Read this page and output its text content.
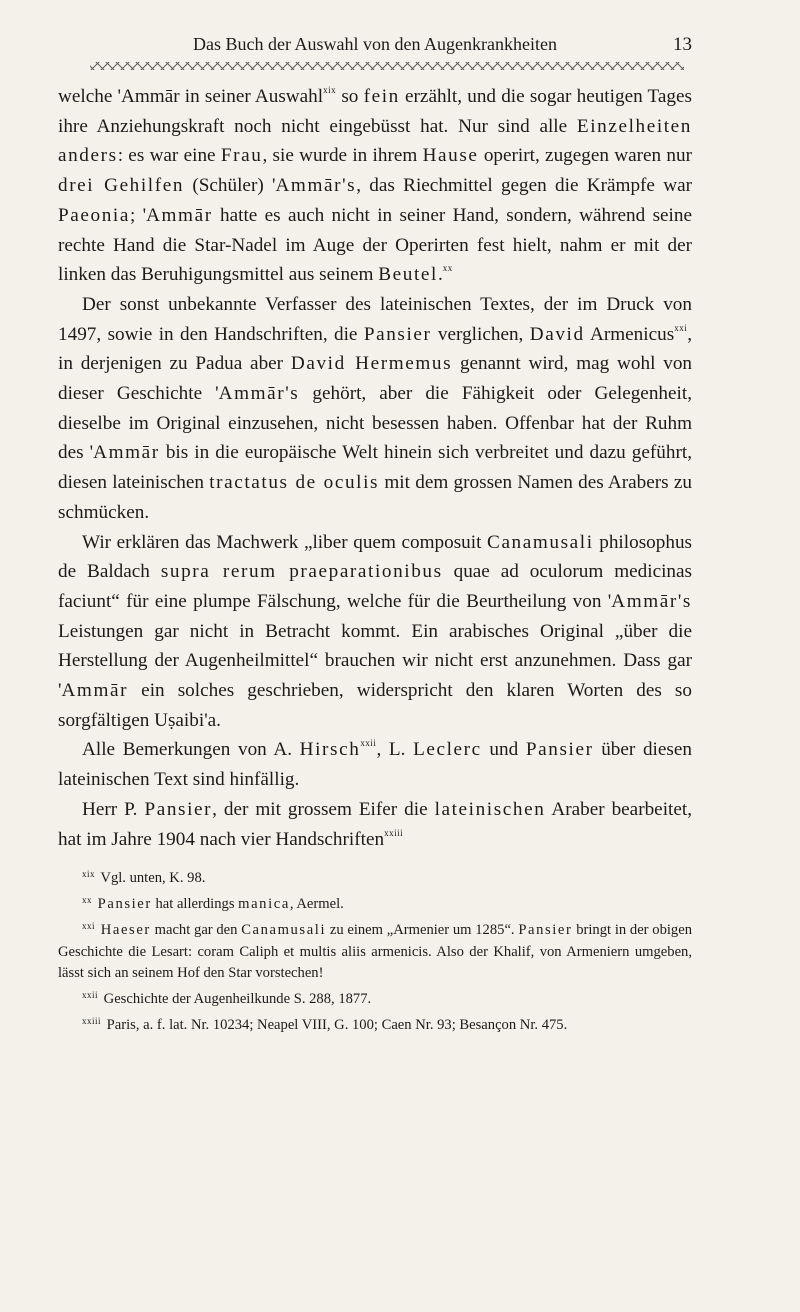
Das Buch der Auswahl von den Augenkrankheiten	13

welche 'Ammār in seiner Auswahl$^{xix}$ so fein erzählt, und die sogar heutigen Tages ihre Anziehungskraft noch nicht eingebüsst hat. Nur sind alle Einzelheiten anders: es war eine Frau, sie wurde in ihrem Hause operirt, zugegen waren nur drei Gehilfen (Schüler) 'Ammār's, das Riechmittel gegen die Krämpfe war Paeonia; 'Ammār hatte es auch nicht in seiner Hand, sondern, während seine rechte Hand die Star-Nadel im Auge der Operirten fest hielt, nahm er mit der linken das Beruhigungsmittel aus seinem Beutel.$^{xx}$

Der sonst unbekannte Verfasser des lateinischen Textes, der im Druck von 1497, sowie in den Handschriften, die Pansier verglichen, David Armenicus$^{xxi}$, in derjenigen zu Padua aber David Hermemus genannt wird, mag wohl von dieser Geschichte 'Ammār's gehört, aber die Fähigkeit oder Gelegenheit, dieselbe im Original einzusehen, nicht besessen haben. Offenbar hat der Ruhm des 'Ammār bis in die europäische Welt hinein sich verbreitet und dazu geführt, diesen lateinischen tractatus de oculis mit dem grossen Namen des Arabers zu schmücken.

Wir erklären das Machwerk „liber quem composuit Canamusali philosophus de Baldach supra rerum praeparationibus quae ad oculorum medicinas faciunt“ für eine plumpe Fälschung, welche für die Beurtheilung von 'Ammār's Leistungen gar nicht in Betracht kommt. Ein arabisches Original „über die Herstellung der Augenheilmittel“ brauchen wir nicht erst anzunehmen. Dass gar 'Ammār ein solches geschrieben, widerspricht den klaren Worten des so sorgfältigen Uṣaibi'a.

Alle Bemerkungen von A. Hirsch$^{xxii}$, L. Leclerc und Pansier über diesen lateinischen Text sind hinfällig.

Herr P. Pansier, der mit grossem Eifer die lateinischen Araber bearbeitet, hat im Jahre 1904 nach vier Handschriften$^{xxiii}$

$^{xix}$ Vgl. unten, K. 98.

$^{xx}$ Pansier hat allerdings manica, Aermel.

$^{xxi}$ Haeser macht gar den Canamusali zu einem „Armenier um 1285“. Pansier bringt in der obigen Geschichte die Lesart: coram Caliph et multis aliis armenicis. Also der Khalif, von Armeniern umgeben, lässt sich an seinem Hof den Star vorstechen!

$^{xxii}$ Geschichte der Augenheilkunde S. 288, 1877.

$^{xxiii}$ Paris, a. f. lat. Nr. 10234; Neapel VIII, G. 100; Caen Nr. 93; Besançon Nr. 475.
